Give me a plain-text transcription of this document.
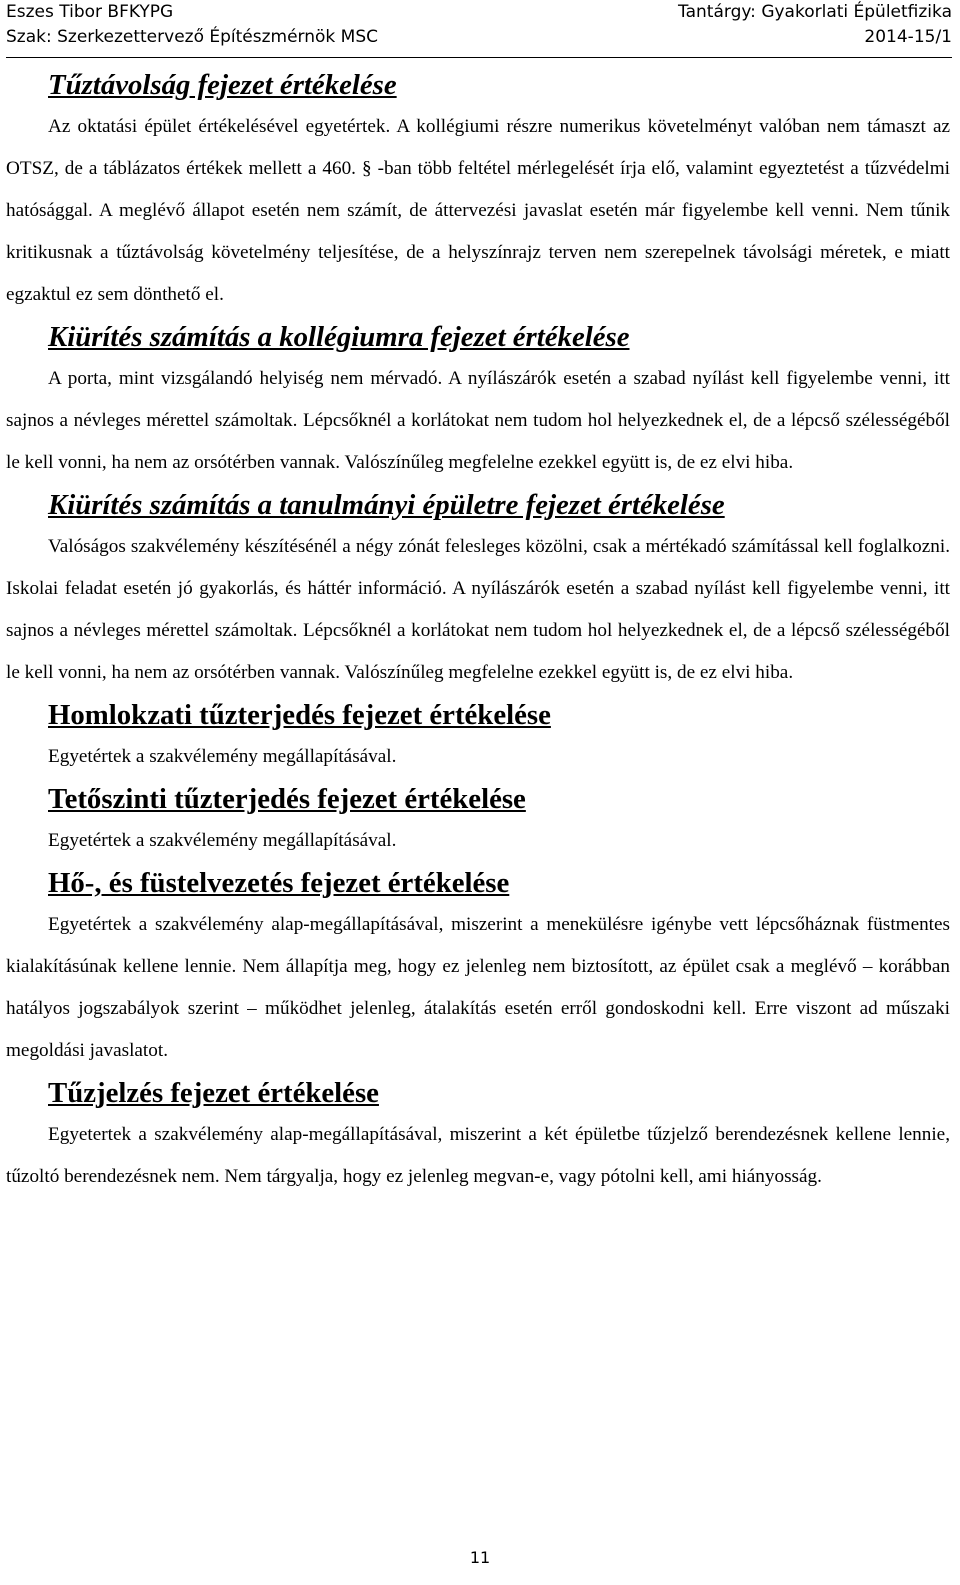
Eszes Tibor BFKYPG	Tantárgy: Gyakorlati Épületfizika
Szak: Szerkezettervező Építészmérnök MSC	2014-15/1
Tűztávolság fejezet értékelése

Az oktatási épület értékelésével egyetértek. A kollégiumi részre numerikus követelményt valóban nem támaszt az OTSZ, de a táblázatos értékek mellett a 460. § -ban több feltétel mérlegelését írja elő, valamint egyeztetést a tűzvédelmi hatósággal. A meglévő állapot esetén nem számít, de áttervezési javaslat esetén már figyelembe kell venni. Nem tűnik kritikusnak a tűztávolság követelmény teljesítése, de a helyszínrajz terven nem szerepelnek távolsági méretek, e miatt egzaktul ez sem dönthető el.

Kiürítés számítás a kollégiumra fejezet értékelése

A porta, mint vizsgálandó helyiség nem mérvadó. A nyílászárók esetén a szabad nyílást kell figyelembe venni, itt sajnos a névleges mérettel számoltak. Lépcsőknél a korlátokat nem tudom hol helyezkednek el, de a lépcső szélességéből le kell vonni, ha nem az orsótérben vannak. Valószínűleg megfelelne ezekkel együtt is, de ez elvi hiba.

Kiürítés számítás a tanulmányi épületre fejezet értékelése

Valóságos szakvélemény készítésénél a négy zónát felesleges közölni, csak a mértékadó számítással kell foglalkozni. Iskolai feladat esetén jó gyakorlás, és háttér információ. A nyílászárók esetén a szabad nyílást kell figyelembe venni, itt sajnos a névleges mérettel számoltak. Lépcsőknél a korlátokat nem tudom hol helyezkednek el, de a lépcső szélességéből le kell vonni, ha nem az orsótérben vannak. Valószínűleg megfelelne ezekkel együtt is, de ez elvi hiba.

Homlokzati tűzterjedés fejezet értékelése

Egyetértek a szakvélemény megállapításával.

Tetőszinti tűzterjedés fejezet értékelése

Egyetértek a szakvélemény megállapításával.

Hő-, és füstelvezetés fejezet értékelése

Egyetértek a szakvélemény alap-megállapításával, miszerint a menekülésre igénybe vett lépcsőháznak füstmentes kialakításúnak kellene lennie. Nem állapítja meg, hogy ez jelenleg nem biztosított, az épület csak a meglévő – korábban hatályos jogszabályok szerint – működhet jelenleg, átalakítás esetén erről gondoskodni kell. Erre viszont ad műszaki megoldási javaslatot.

Tűzjelzés fejezet értékelése

Egyetertek a szakvélemény alap-megállapításával, miszerint a két épületbe tűzjelző berendezésnek kellene lennie, tűzoltó berendezésnek nem. Nem tárgyalja, hogy ez jelenleg megvan-e, vagy pótolni kell, ami hiányosság.

11
